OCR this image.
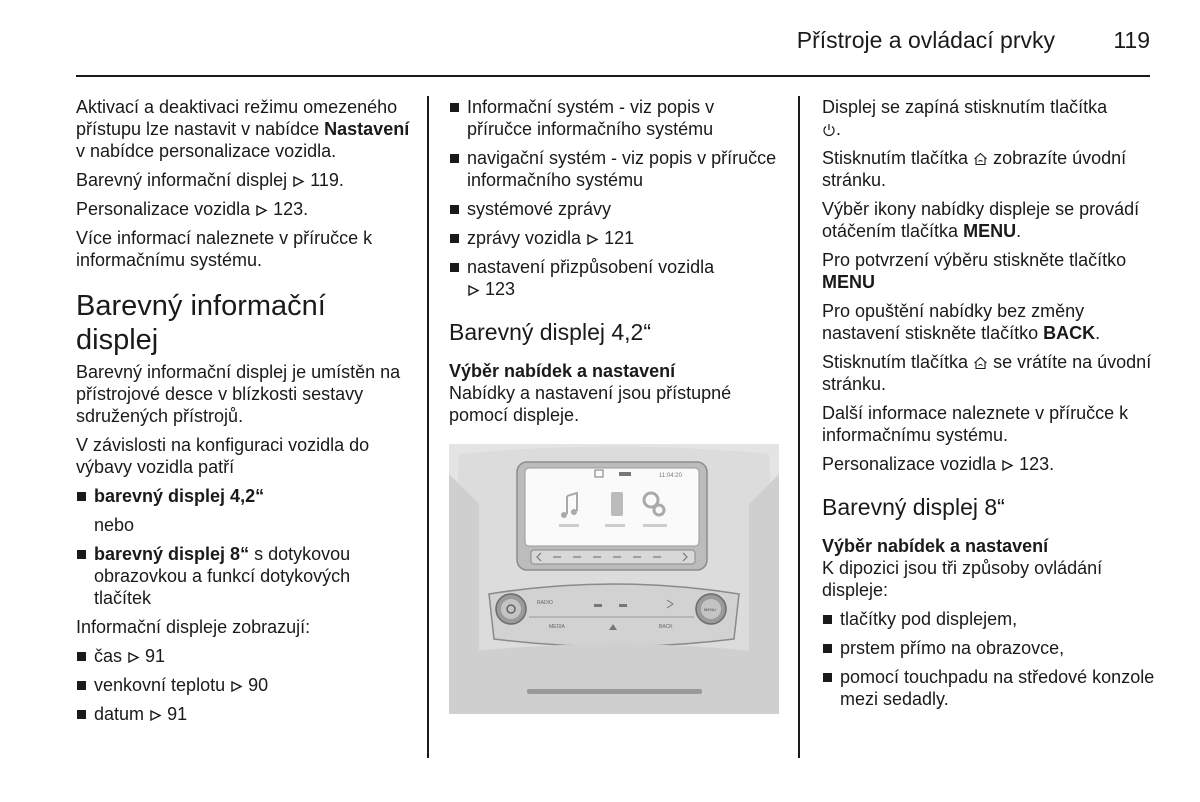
Přístroje a ovládací prvky	119
Aktivací a deaktivaci režimu omezeného přístupu lze nastavit v nabídce Nastavení v nabídce personalizace vozidla.
Barevný informační displej 119.
Personalizace vozidla 123.
Více informací naleznete v příručce k informačnímu systému.
Barevný informační displej
Barevný informační displej je umístěn na přístrojové desce v blízkosti sestavy sdružených přístrojů.
V závislosti na konfiguraci vozidla do výbavy vozidla patří
barevný displej 4,2“
nebo
barevný displej 8“ s dotykovou obrazovkou a funkcí dotykových tlačítek
Informační displeje zobrazují:
čas 91
venkovní teplotu 90
datum 91
Informační systém - viz popis v příručce informačního systému
navigační systém - viz popis v příručce informačního systému
systémové zprávy
zprávy vozidla 121
nastavení přizpůsobení vozidla
123
Barevný displej 4,2“
Výběr nabídek a nastavení
Nabídky a nastavení jsou přístupné pomocí displeje.
11:04:20
RADIO
MEDIA	BACK
MENU
Displej se zapíná stisknutím tlačítka
.
Stisknutím tlačítka zobrazíte úvodní stránku.
Výběr ikony nabídky displeje se provádí otáčením tlačítka MENU.
Pro potvrzení výběru stiskněte tlačítko MENU
Pro opuštění nabídky bez změny nastavení stiskněte tlačítko BACK.
Stisknutím tlačítka se vrátíte na úvodní stránku.
Další informace naleznete v příručce k informačnímu systému.
Personalizace vozidla 123.
Barevný displej 8“
Výběr nabídek a nastavení
K dipozici jsou tři způsoby ovládání displeje:
tlačítky pod displejem,
prstem přímo na obrazovce,
pomocí touchpadu na středové konzole mezi sedadly.
